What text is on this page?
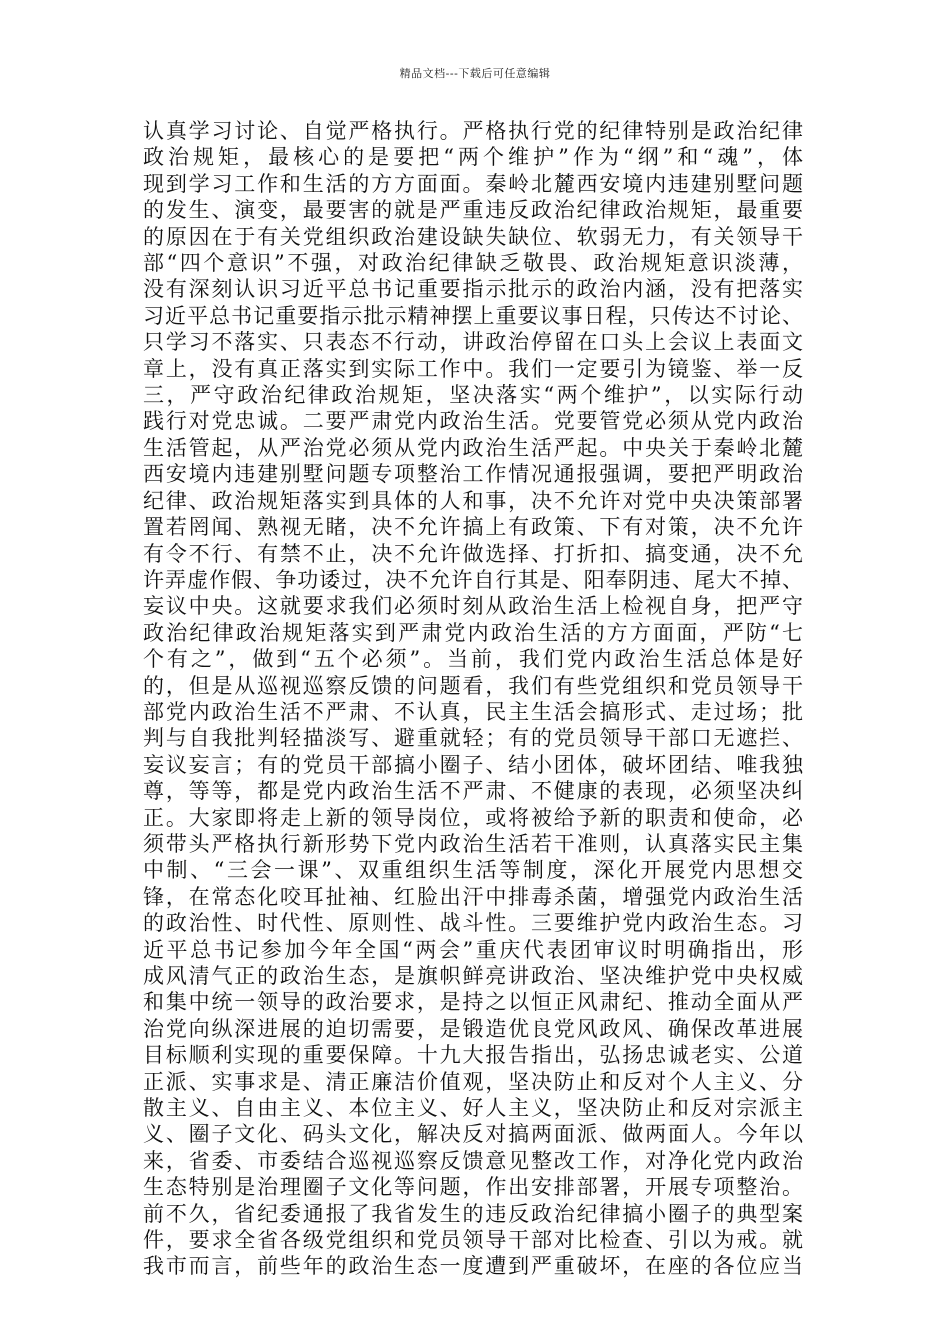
精品文档---下载后可任意编辑
认真学习讨论、自觉严格执行。严格执行党的纪律特别是政治纪律
政治规矩，最核心的是要把“两个维护”作为“纲”和“魂”，体
现到学习工作和生活的方方面面。秦岭北麓西安境内违建别墅问题
的发生、演变，最要害的就是严重违反政治纪律政治规矩，最重要
的原因在于有关党组织政治建设缺失缺位、软弱无力，有关领导干
部“四个意识”不强，对政治纪律缺乏敬畏、政治规矩意识淡薄，
没有深刻认识习近平总书记重要指示批示的政治内涵，没有把落实
习近平总书记重要指示批示精神摆上重要议事日程，只传达不讨论、
只学习不落实、只表态不行动，讲政治停留在口头上会议上表面文
章上，没有真正落实到实际工作中。我们一定要引为镜鉴、举一反
三，严守政治纪律政治规矩，坚决落实“两个维护”，以实际行动
践行对党忠诚。二要严肃党内政治生活。党要管党必须从党内政治
生活管起，从严治党必须从党内政治生活严起。中央关于秦岭北麓
西安境内违建别墅问题专项整治工作情况通报强调，要把严明政治
纪律、政治规矩落实到具体的人和事，决不允许对党中央决策部署
置若罔闻、熟视无睹，决不允许搞上有政策、下有对策，决不允许
有令不行、有禁不止，决不允许做选择、打折扣、搞变通，决不允
许弄虚作假、争功诿过，决不允许自行其是、阳奉阴违、尾大不掉、
妄议中央。这就要求我们必须时刻从政治生活上检视自身，把严守
政治纪律政治规矩落实到严肃党内政治生活的方方面面，严防“七
个有之”，做到“五个必须”。当前，我们党内政治生活总体是好
的，但是从巡视巡察反馈的问题看，我们有些党组织和党员领导干
部党内政治生活不严肃、不认真，民主生活会搞形式、走过场；批
判与自我批判轻描淡写、避重就轻；有的党员领导干部口无遮拦、
妄议妄言；有的党员干部搞小圈子、结小团体，破坏团结、唯我独
尊，等等，都是党内政治生活不严肃、不健康的表现，必须坚决纠
正。大家即将走上新的领导岗位，或将被给予新的职责和使命，必
须带头严格执行新形势下党内政治生活若干准则，认真落实民主集
中制、“三会一课”、双重组织生活等制度，深化开展党内思想交
锋，在常态化咬耳扯袖、红脸出汗中排毒杀菌，增强党内政治生活
的政治性、时代性、原则性、战斗性。三要维护党内政治生态。习
近平总书记参加今年全国“两会”重庆代表团审议时明确指出，形
成风清气正的政治生态，是旗帜鲜亮讲政治、坚决维护党中央权威
和集中统一领导的政治要求，是持之以恒正风肃纪、推动全面从严
治党向纵深进展的迫切需要，是锻造优良党风政风、确保改革进展
目标顺利实现的重要保障。十九大报告指出，弘扬忠诚老实、公道
正派、实事求是、清正廉洁价值观，坚决防止和反对个人主义、分
散主义、自由主义、本位主义、好人主义，坚决防止和反对宗派主
义、圈子文化、码头文化，解决反对搞两面派、做两面人。今年以
来，省委、市委结合巡视巡察反馈意见整改工作，对净化党内政治
生态特别是治理圈子文化等问题，作出安排部署，开展专项整治。
前不久，省纪委通报了我省发生的违反政治纪律搞小圈子的典型案
件，要求全省各级党组织和党员领导干部对比检查、引以为戒。就
我市而言，前些年的政治生态一度遭到严重破坏，在座的各位应当
